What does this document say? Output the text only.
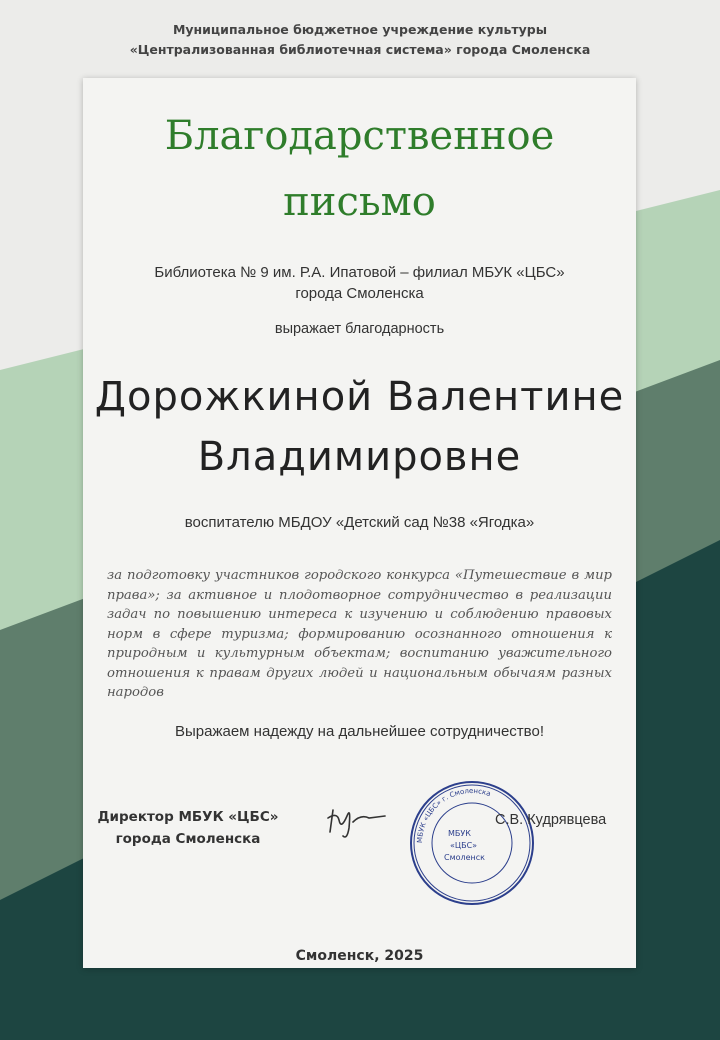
Муниципальное бюджетное учреждение культуры
«Централизованная библиотечная система» города Смоленска
Благодарственное
письмо
Библиотека № 9 им. Р.А. Ипатовой – филиал МБУК «ЦБС»
города Смоленска
выражает благодарность
Дорожкиной Валентине
Владимировне
воспитателю МБДОУ «Детский сад №38 «Ягодка»
за подготовку участников городского конкурса «Путешествие в мир права»; за активное и плодотворное сотрудничество в реализации задач по повышению интереса к изучению и соблюдению правовых норм в сфере туризма; формированию осознанного отношения к природным и культурным объектам; воспитанию уважительного отношения к правам других людей и национальным обычаям разных народов
Выражаем надежду на дальнейшее сотрудничество!
Директор МБУК «ЦБС»
города Смоленска	МБУК «ЦБС» г. Смоленска
МБУК
«ЦБС»
Смоленск
С.В. Кудрявцева
Смоленск, 2025
